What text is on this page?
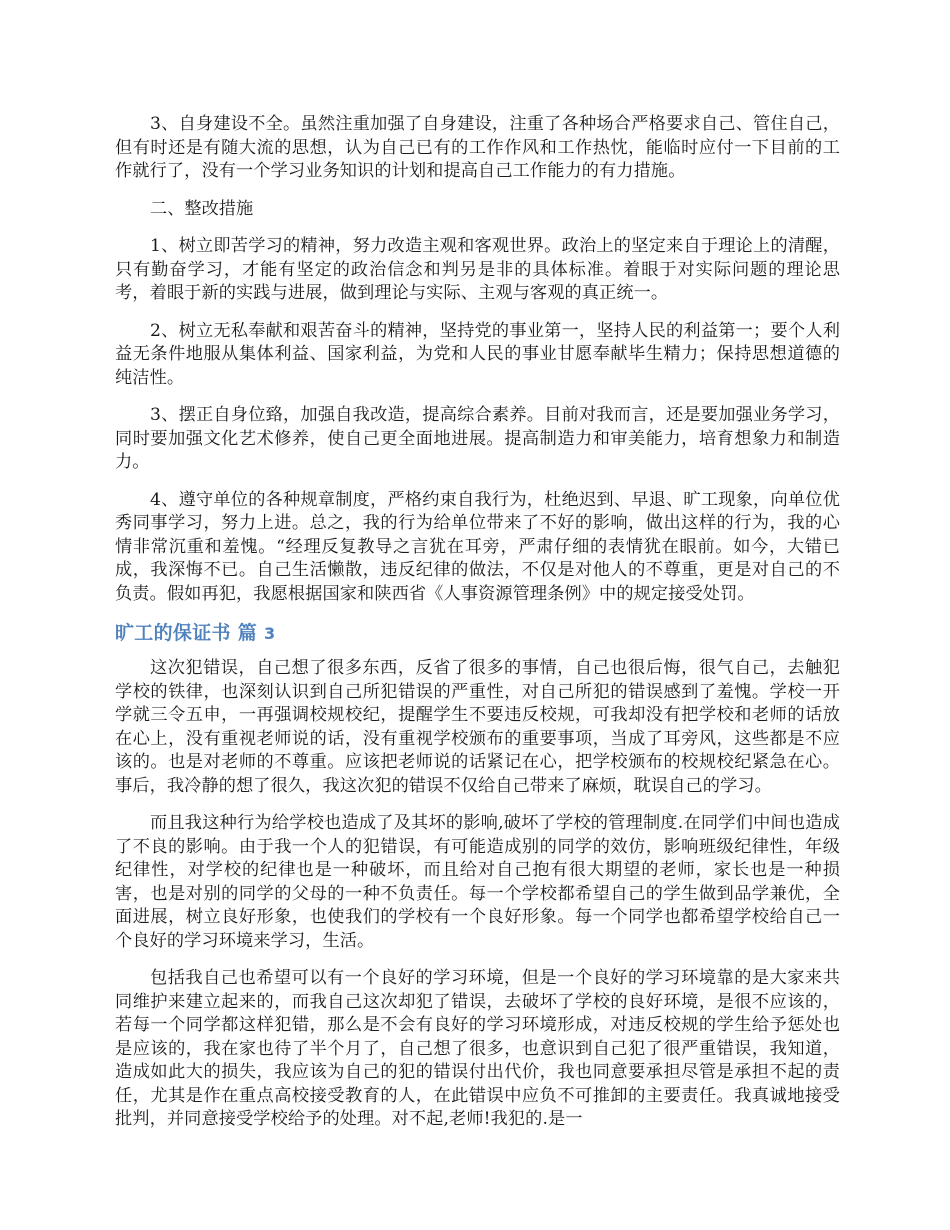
3、自身建设不全。虽然注重加强了自身建设，注重了各种场合严格要求自己、管住自己，但有时还是有随大流的思想，认为自己已有的工作作风和工作热忱，能临时应付一下目前的工作就行了，没有一个学习业务知识的计划和提高自己工作能力的有力措施。

二、整改措施

1、树立即苦学习的精神，努力改造主观和客观世界。政治上的坚定来自于理论上的清醒，只有勤奋学习，才能有坚定的政治信念和判另是非的具体标准。着眼于对实际问题的理论思考，着眼于新的实践与进展，做到理论与实际、主观与客观的真正统一。

2、树立无私奉献和艰苦奋斗的精神，坚持党的事业第一，坚持人民的利益第一；要个人利益无条件地服从集体利益、国家利益，为党和人民的事业甘愿奉献毕生精力；保持思想道德的纯洁性。

3、摆正自身位臵，加强自我改造，提高综合素养。目前对我而言，还是要加强业务学习，同时要加强文化艺术修养，使自己更全面地进展。提高制造力和审美能力，培育想象力和制造力。

4、遵守单位的各种规章制度，严格约束自我行为，杜绝迟到、早退、旷工现象，向单位优秀同事学习，努力上进。总之，我的行为给单位带来了不好的影响，做出这样的行为，我的心情非常沉重和羞愧。“经理反复教导之言犹在耳旁，严肃仔细的表情犹在眼前。如今，大错已成，我深悔不已。自己生活懒散，违反纪律的做法，不仅是对他人的不尊重，更是对自己的不负责。假如再犯，我愿根据国家和陕西省《人事资源管理条例》中的规定接受处罚。

旷工的保证书 篇 3

这次犯错误，自己想了很多东西，反省了很多的事情，自己也很后悔，很气自己，去触犯学校的铁律，也深刻认识到自己所犯错误的严重性，对自己所犯的错误感到了羞愧。学校一开学就三令五申，一再强调校规校纪，提醒学生不要违反校规，可我却没有把学校和老师的话放在心上，没有重视老师说的话，没有重视学校颁布的重要事项，当成了耳旁风，这些都是不应该的。也是对老师的不尊重。应该把老师说的话紧记在心，把学校颁布的校规校纪紧急在心。事后，我冷静的想了很久，我这次犯的错误不仅给自己带来了麻烦，耽误自己的学习。

而且我这种行为给学校也造成了及其坏的影响,破坏了学校的管理制度.在同学们中间也造成了不良的影响。由于我一个人的犯错误，有可能造成别的同学的效仿，影响班级纪律性，年级纪律性，对学校的纪律也是一种破坏，而且给对自己抱有很大期望的老师，家长也是一种损害，也是对别的同学的父母的一种不负责任。每一个学校都希望自己的学生做到品学兼优，全面进展，树立良好形象，也使我们的学校有一个良好形象。每一个同学也都希望学校给自己一个良好的学习环境来学习，生活。

包括我自己也希望可以有一个良好的学习环境，但是一个良好的学习环境靠的是大家来共同维护来建立起来的，而我自己这次却犯了错误，去破坏了学校的良好环境，是很不应该的，若每一个同学都这样犯错，那么是不会有良好的学习环境形成，对违反校规的学生给予惩处也是应该的，我在家也待了半个月了，自己想了很多，也意识到自己犯了很严重错误，我知道，造成如此大的损失，我应该为自己的犯的错误付出代价，我也同意要承担尽管是承担不起的责任，尤其是作在重点高校接受教育的人，在此错误中应负不可推卸的主要责任。我真诚地接受批判，并同意接受学校给予的处理。对不起,老师!我犯的.是一
